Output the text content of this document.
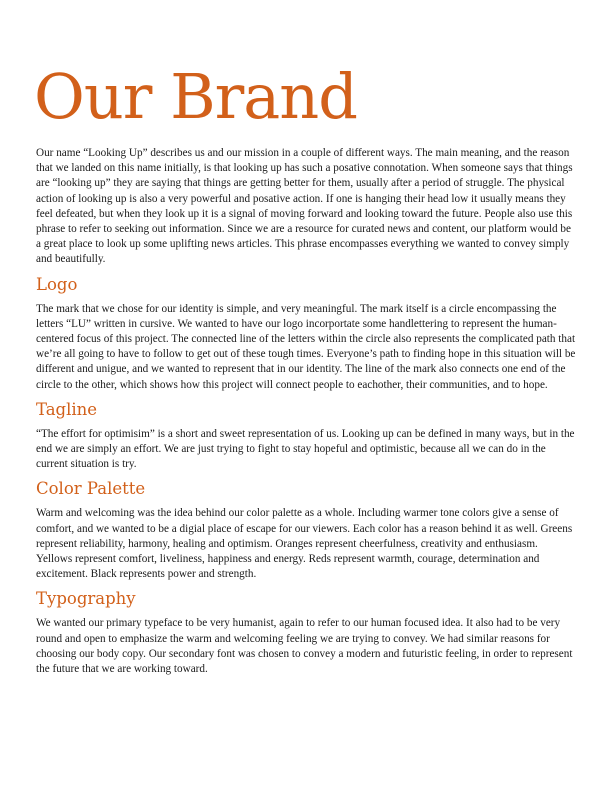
Our Brand

Our name “Looking Up” describes us and our mission in a couple of different ways. The main meaning, and the reason that we landed on this name initially, is that looking up has such a posative connotation. When someone says that things are “looking up” they are saying that things are getting better for them, usually after a period of struggle. The physical action of looking up is also a very powerful and posative action. If one is hanging their head low it usually means they feel defeated, but when they look up it is a signal of moving forward and looking toward the future. People also use this phrase to refer to seeking out information. Since we are a resource for curated news and content, our platform would be a great place to look up some uplifting news articles. This phrase encompasses everything we wanted to convey simply and beautifully.

Logo

The mark that we chose for our identity is simple, and very meaningful. The mark itself is a circle encompassing the letters “LU” written in cursive. We wanted to have our logo incorportate some handlettering to represent the human-centered focus of this project. The connected line of the letters within the circle also represents the complicated path that we’re all going to have to follow to get out of these tough times. Everyone’s path to finding hope in this situation will be different and unigue, and we wanted to represent that in our identity. The line of the mark also connects one end of the circle to the other, which shows how this project will connect people to eachother, their communities, and to hope.

Tagline

“The effort for optimisim” is a short and sweet representation of us. Looking up can be defined in many ways, but in the end we are simply an effort. We are just trying to fight to stay hopeful and optimistic, because all we can do in the current situation is try.

Color Palette

Warm and welcoming was the idea behind our color palette as a whole. Including warmer tone colors give a sense of comfort, and we wanted to be a digial place of escape for our viewers. Each color has a reason behind it as well. Greens represent reliability, harmony, healing and optimism. Oranges represent cheerfulness, creativity and enthusiasm. Yellows represent comfort, liveliness, happiness and energy. Reds represent warmth, courage, determination and excitement. Black represents power and strength.

Typography

We wanted our primary typeface to be very humanist, again to refer to our human focused idea. It also had to be very round and open to emphasize the warm and welcoming feeling we are trying to convey. We had similar reasons for choosing our body copy. Our secondary font was chosen to convey a modern and futuristic feeling, in order to represent the future that we are working toward.
